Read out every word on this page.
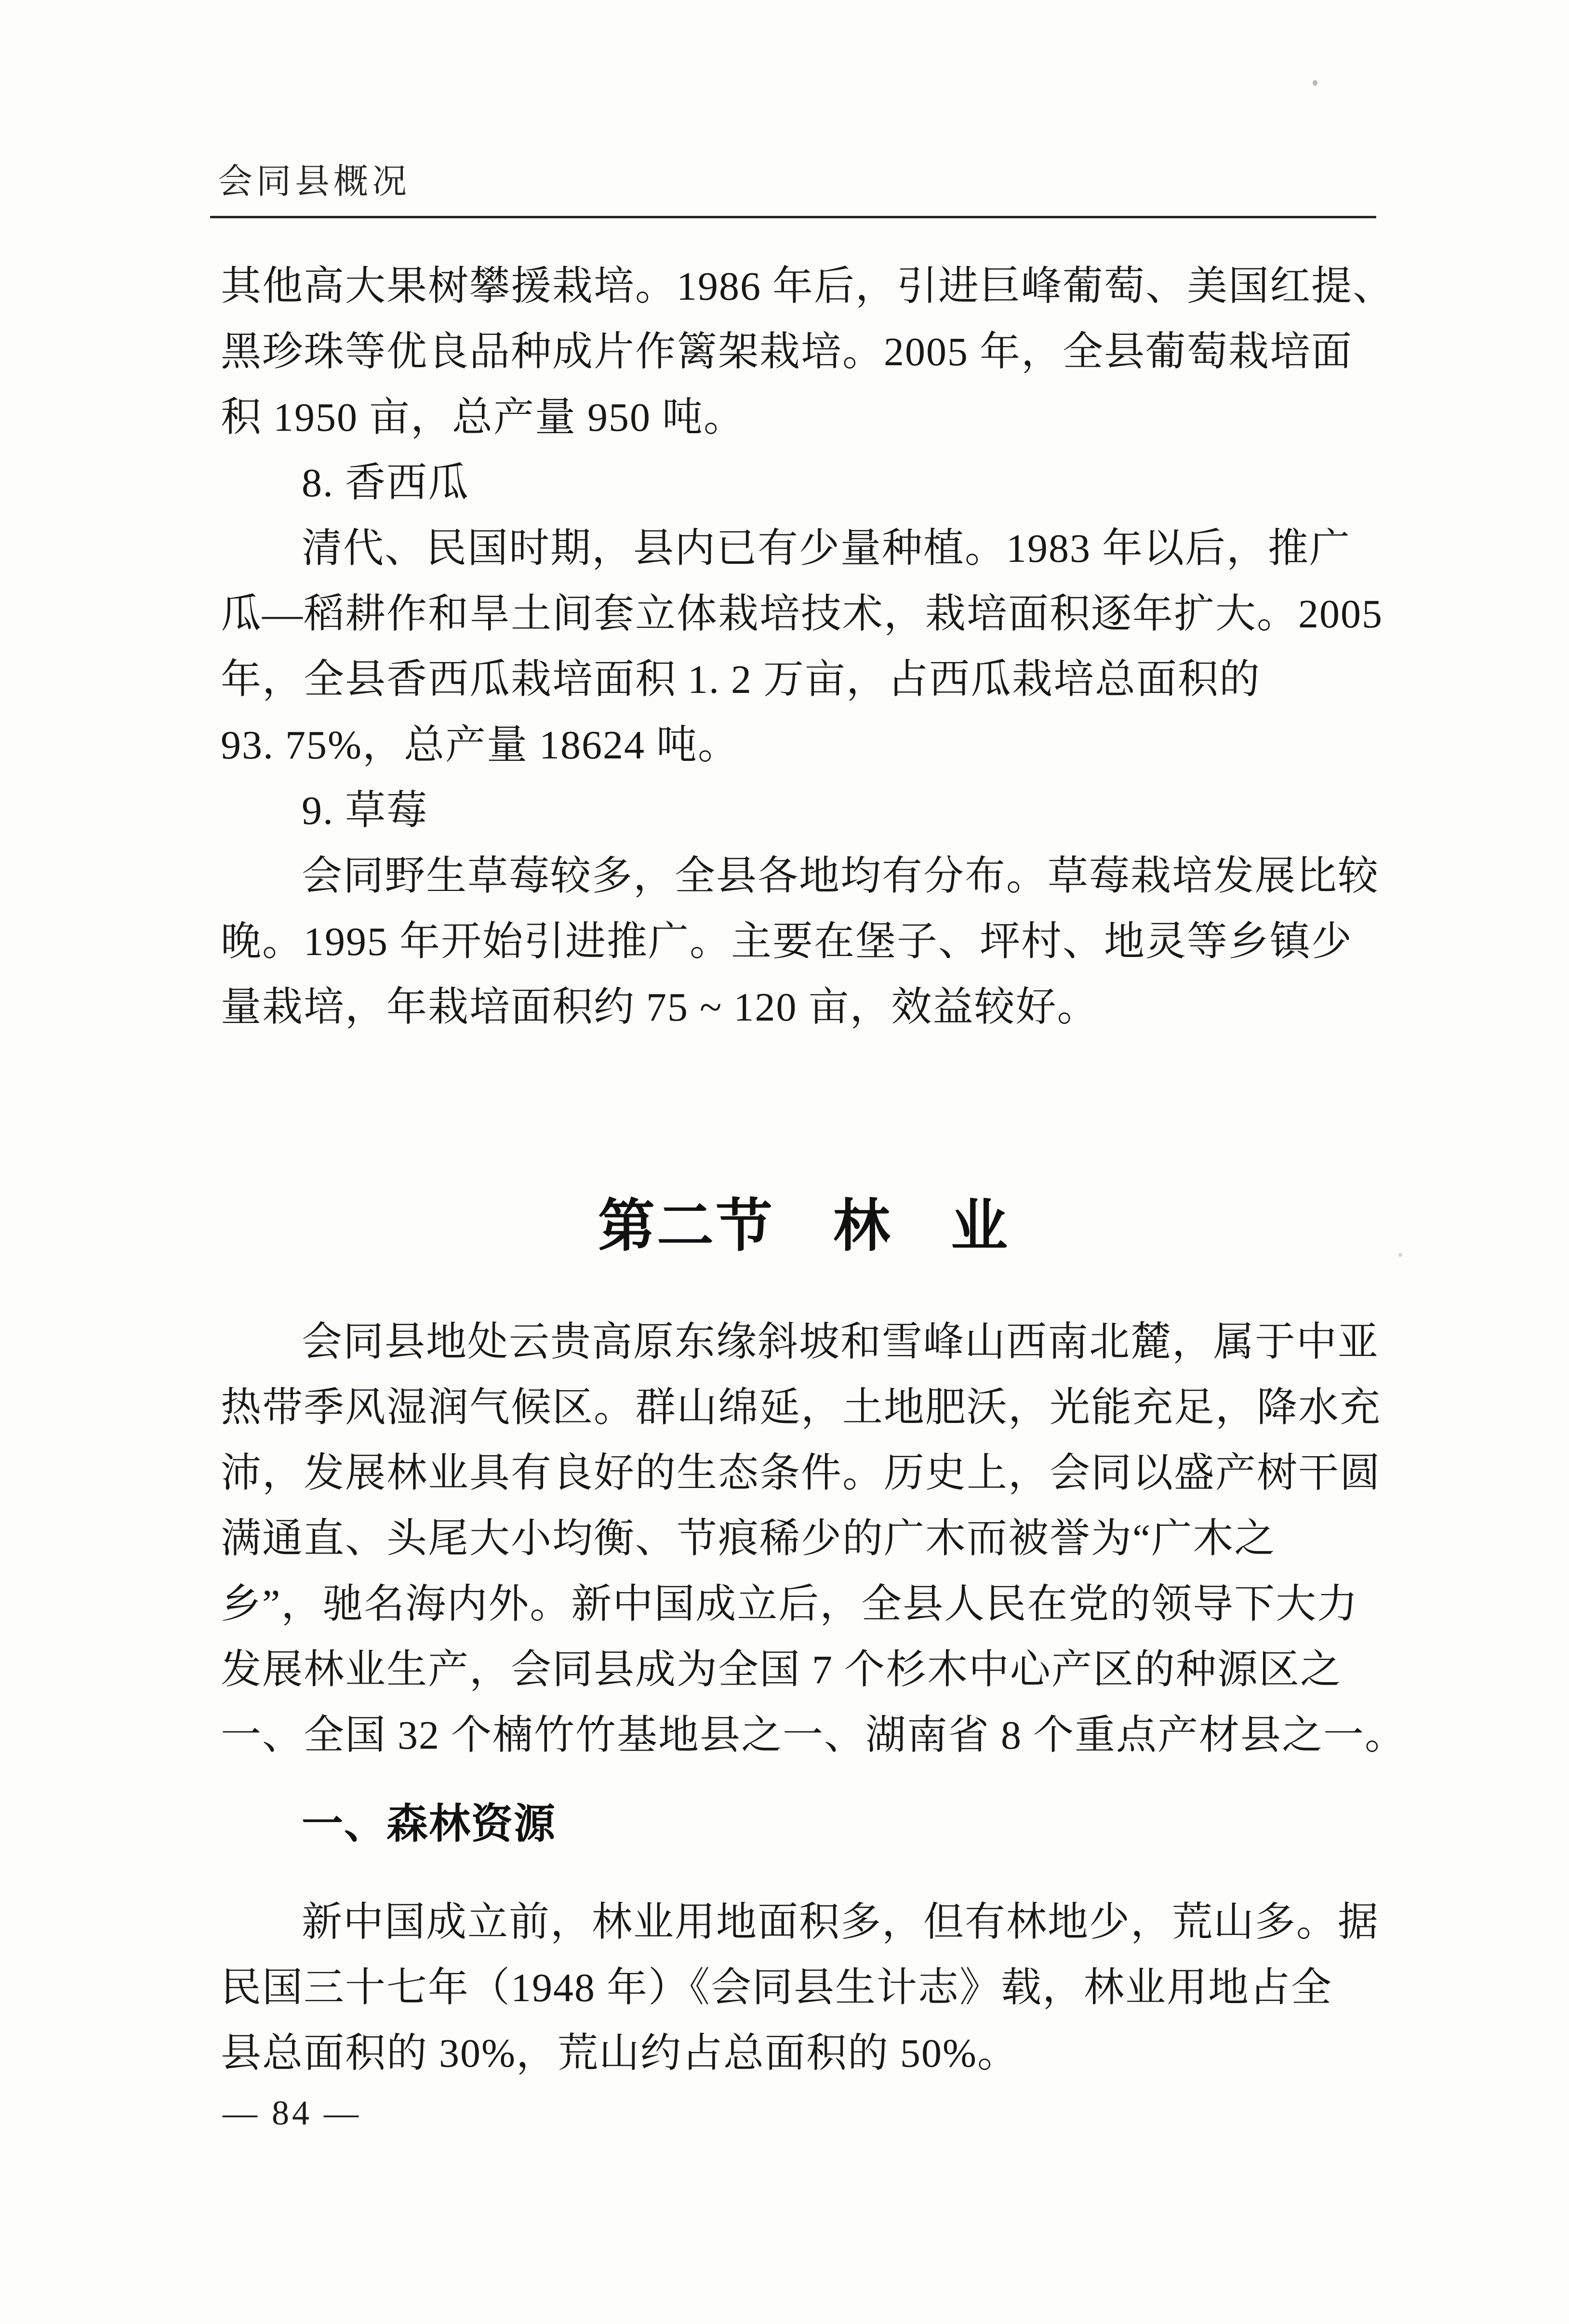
会同县概况
其他高大果树攀援栽培。1986 年后，引进巨峰葡萄、美国红提、
黑珍珠等优良品种成片作篱架栽培。2005 年，全县葡萄栽培面
积 1950 亩，总产量 950 吨。
8. 香西瓜
清代、民国时期，县内已有少量种植。1983 年以后，推广
瓜—稻耕作和旱土间套立体栽培技术，栽培面积逐年扩大。2005
年，全县香西瓜栽培面积 1. 2 万亩，占西瓜栽培总面积的
93. 75%，总产量 18624 吨。
9. 草莓
会同野生草莓较多，全县各地均有分布。草莓栽培发展比较
晚。1995 年开始引进推广。主要在堡子、坪村、地灵等乡镇少
量栽培，年栽培面积约 75 ~ 120 亩，效益较好。
第二节　林　业
会同县地处云贵高原东缘斜坡和雪峰山西南北麓，属于中亚
热带季风湿润气候区。群山绵延，土地肥沃，光能充足，降水充
沛，发展林业具有良好的生态条件。历史上，会同以盛产树干圆
满通直、头尾大小均衡、节痕稀少的广木而被誉为“广木之
乡”，驰名海内外。新中国成立后，全县人民在党的领导下大力
发展林业生产，会同县成为全国 7 个杉木中心产区的种源区之
一、全国 32 个楠竹竹基地县之一、湖南省 8 个重点产材县之一。
一、森林资源
新中国成立前，林业用地面积多，但有林地少，荒山多。据
民国三十七年（1948 年）《会同县生计志》载，林业用地占全
县总面积的 30%，荒山约占总面积的 50%。
— 84 —
